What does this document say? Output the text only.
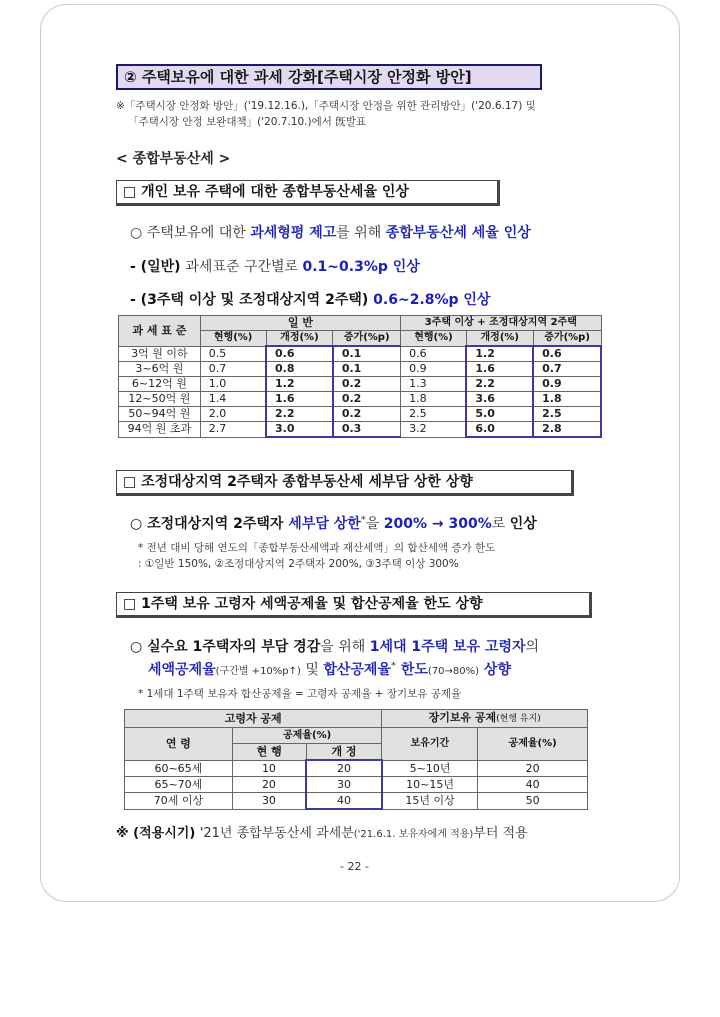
② 주택보유에 대한 과세 강화[주택시장 안정화 방안]
※「주택시장 안정화 방안」('19.12.16.),「주택시장 안정을 위한 관리방안」('20.6.17) 및
「주택시장 안정 보완대책」('20.7.10.)에서 旣발표
< 종합부동산세 >
□ 개인 보유 주택에 대한 종합부동산세율 인상
○ 주택보유에 대한 과세형평 제고를 위해 종합부동산세 세율 인상
- (일반) 과세표준 구간별로 0.1~0.3%p 인상
- (3주택 이상 및 조정대상지역 2주택) 0.6~2.8%p 인상
과 세 표 준	일 반			3주택 이상 + 조정대상지역 2주택		
	현행(%)	개정(%)	증가(%p)	현행(%)	개정(%)	증가(%p)
3억 원 이하	0.5	0.6	0.1	0.6	1.2	0.6
3~6억 원	0.7	0.8	0.1	0.9	1.6	0.7
6~12억 원	1.0	1.2	0.2	1.3	2.2	0.9
12~50억 원	1.4	1.6	0.2	1.8	3.6	1.8
50~94억 원	2.0	2.2	0.2	2.5	5.0	2.5
94억 원 초과	2.7	3.0	0.3	3.2	6.0	2.8
□ 조정대상지역 2주택자 종합부동산세 세부담 상한 상향
○ 조정대상지역 2주택자 세부담 상한*을 200% → 300%로 인상
* 전년 대비 당해 연도의「종합부동산세액과 재산세액」의 합산세액 증가 한도
: ①일반 150%, ②조정대상지역 2주택자 200%, ③3주택 이상 300%
□ 1주택 보유 고령자 세액공제율 및 합산공제율 한도 상향
○ 실수요 1주택자의 부담 경감을 위해 1세대 1주택 보유 고령자의
세액공제율(구간별 +10%p↑) 및 합산공제율* 한도(70→80%) 상향
* 1세대 1주택 보유자 합산공제율 = 고령자 공제율 + 장기보유 공제율
고령자 공제			장기보유 공제(현행 유지)	
연 령	공제율(%)		보유기간	공제율(%)
	현 행	개 정		
60~65세	10	20	5~10년	20
65~70세	20	30	10~15년	40
70세 이상	30	40	15년 이상	50
※ (적용시기) '21년 종합부동산세 과세분('21.6.1. 보유자에게 적용)부터 적용
- 22 -
